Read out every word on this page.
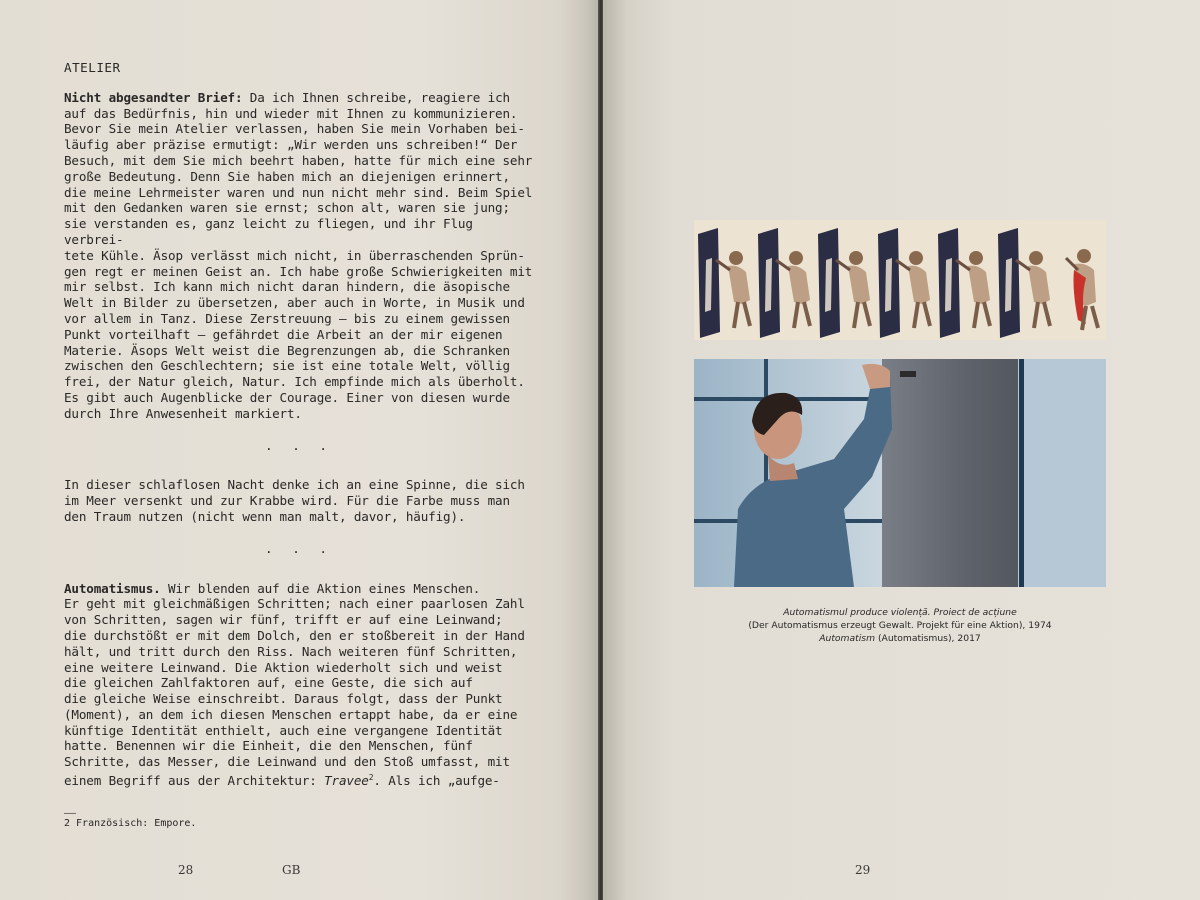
ATELIER

Nicht abgesandter Brief: Da ich Ihnen schreibe, reagiere ich
auf das Bedürfnis, hin und wieder mit Ihnen zu kommunizieren.
Bevor Sie mein Atelier verlassen, haben Sie mein Vorhaben bei-
läufig aber präzise ermutigt: „Wir werden uns schreiben!“ Der
Besuch, mit dem Sie mich beehrt haben, hatte für mich eine sehr
große Bedeutung. Denn Sie haben mich an diejenigen erinnert,
die meine Lehrmeister waren und nun nicht mehr sind. Beim Spiel
mit den Gedanken waren sie ernst; schon alt, waren sie jung;
sie verstanden es, ganz leicht zu fliegen, und ihr Flug verbrei-
tete Kühle. Äsop verlässt mich nicht, in überraschenden Sprün-
gen regt er meinen Geist an. Ich habe große Schwierigkeiten mit
mir selbst. Ich kann mich nicht daran hindern, die äsopische
Welt in Bilder zu übersetzen, aber auch in Worte, in Musik und
vor allem in Tanz. Diese Zerstreuung – bis zu einem gewissen
Punkt vorteilhaft – gefährdet die Arbeit an der mir eigenen
Materie. Äsops Welt weist die Begrenzungen ab, die Schranken
zwischen den Geschlechtern; sie ist eine totale Welt, völlig
frei, der Natur gleich, Natur. Ich empfinde mich als überholt.
Es gibt auch Augenblicke der Courage. Einer von diesen wurde
durch Ihre Anwesenheit markiert.

. . .

In dieser schlaflosen Nacht denke ich an eine Spinne, die sich
im Meer versenkt und zur Krabbe wird. Für die Farbe muss man
den Traum nutzen (nicht wenn man malt, davor, häufig).

. . .

Automatismus. Wir blenden auf die Aktion eines Menschen.
Er geht mit gleichmäßigen Schritten; nach einer paarlosen Zahl
von Schritten, sagen wir fünf, trifft er auf eine Leinwand;
die durchstößt er mit dem Dolch, den er stoßbereit in der Hand
hält, und tritt durch den Riss. Nach weiteren fünf Schritten,
eine weitere Leinwand. Die Aktion wiederholt sich und weist
die gleichen Zahlfaktoren auf, eine Geste, die sich auf
die gleiche Weise einschreibt. Daraus folgt, dass der Punkt
(Moment), an dem ich diesen Menschen ertappt habe, da er eine
künftige Identität enthielt, auch eine vergangene Identität
hatte. Benennen wir die Einheit, die den Menschen, fünf
Schritte, das Messer, die Leinwand und den Stoß umfasst, mit
einem Begriff aus der Architektur: Travee$^2$. Als ich „aufge-

——
2 Französisch: Empore.
28	GB
Automatismul produce violență. Proiect de acțiune
(Der Automatismus erzeugt Gewalt. Projekt für eine Aktion), 1974
Automatism (Automatismus), 2017
29
